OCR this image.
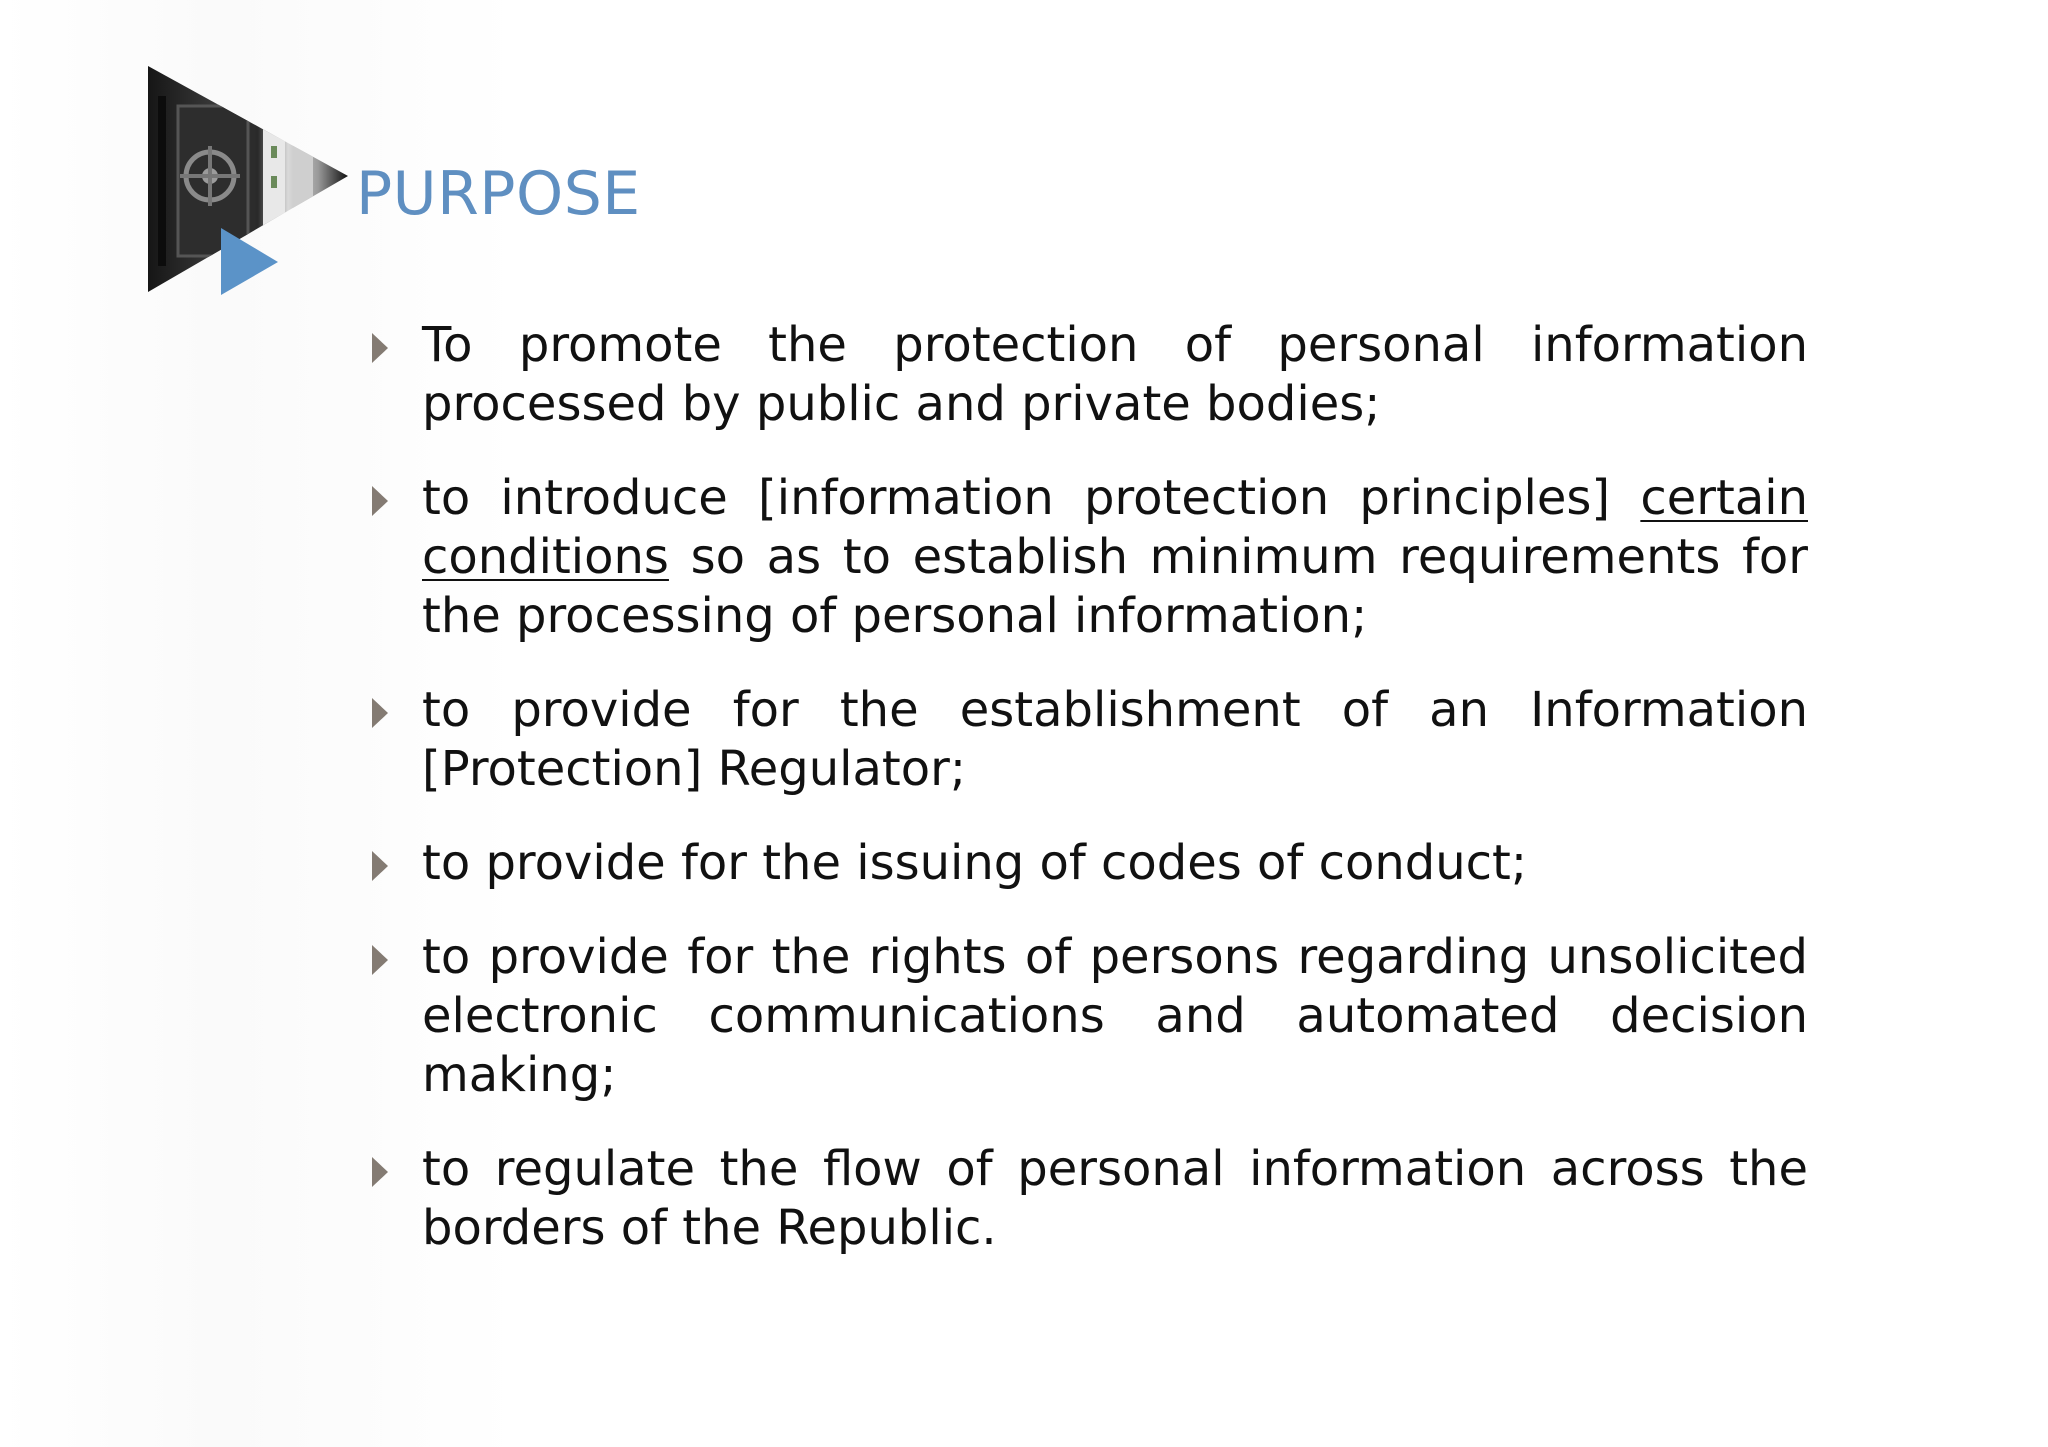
PURPOSE
To promote the protection of personal information processed by public and private bodies;
to introduce [information protection principles] certain conditions so as to establish minimum requirements for the processing of personal information;
to provide for the establishment of an Information [Protection] Regulator;
to provide for the issuing of codes of conduct;
to provide for the rights of persons regarding unsolicited electronic communications and automated decision making;
to regulate the flow of personal information across the borders of the Republic.
